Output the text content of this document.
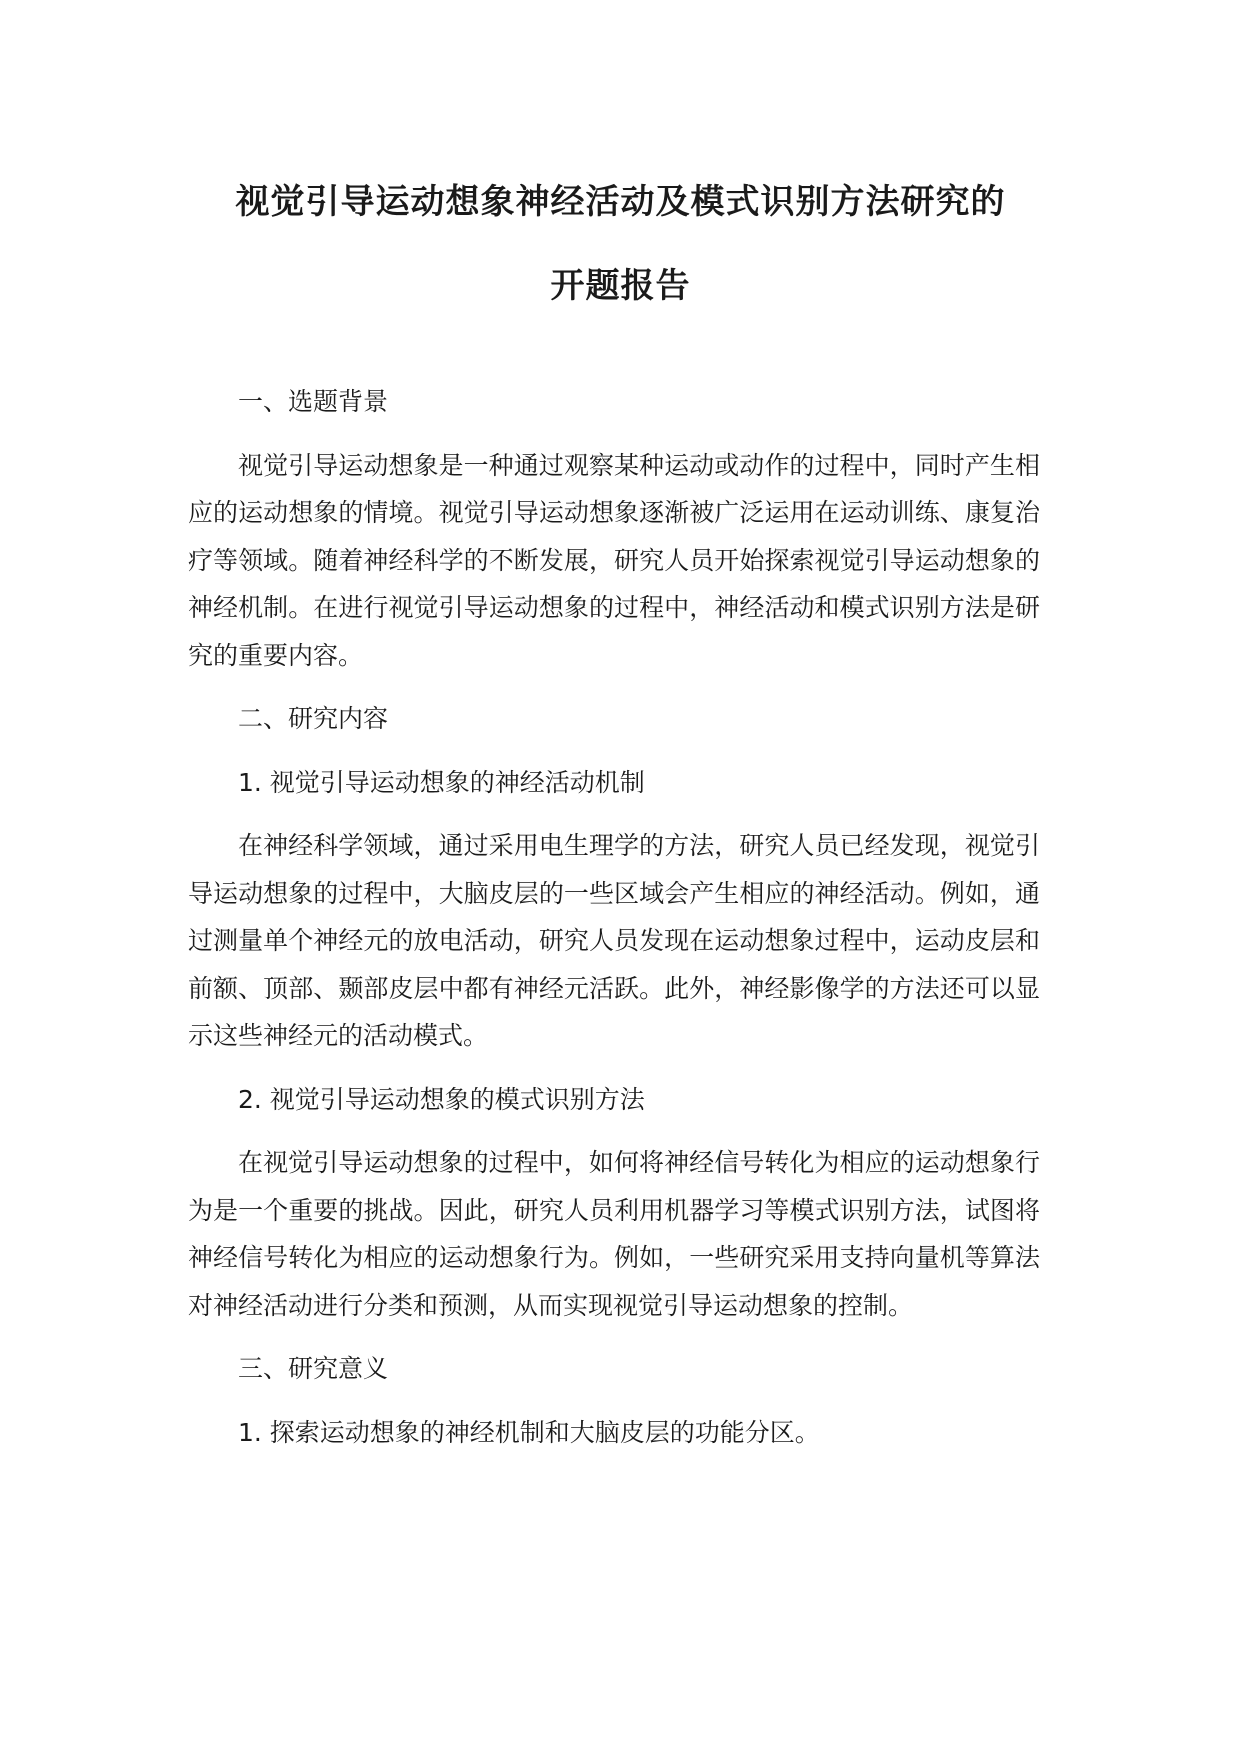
视觉引导运动想象神经活动及模式识别方法研究的
开题报告

一、选题背景

视觉引导运动想象是一种通过观察某种运动或动作的过程中，同时产生相应的运动想象的情境。视觉引导运动想象逐渐被广泛运用在运动训练、康复治疗等领域。随着神经科学的不断发展，研究人员开始探索视觉引导运动想象的神经机制。在进行视觉引导运动想象的过程中，神经活动和模式识别方法是研究的重要内容。

二、研究内容

1. 视觉引导运动想象的神经活动机制

在神经科学领域，通过采用电生理学的方法，研究人员已经发现，视觉引导运动想象的过程中，大脑皮层的一些区域会产生相应的神经活动。例如，通过测量单个神经元的放电活动，研究人员发现在运动想象过程中，运动皮层和前额、顶部、颞部皮层中都有神经元活跃。此外，神经影像学的方法还可以显示这些神经元的活动模式。

2. 视觉引导运动想象的模式识别方法

在视觉引导运动想象的过程中，如何将神经信号转化为相应的运动想象行为是一个重要的挑战。因此，研究人员利用机器学习等模式识别方法，试图将神经信号转化为相应的运动想象行为。例如，一些研究采用支持向量机等算法对神经活动进行分类和预测，从而实现视觉引导运动想象的控制。

三、研究意义

1. 探索运动想象的神经机制和大脑皮层的功能分区。
